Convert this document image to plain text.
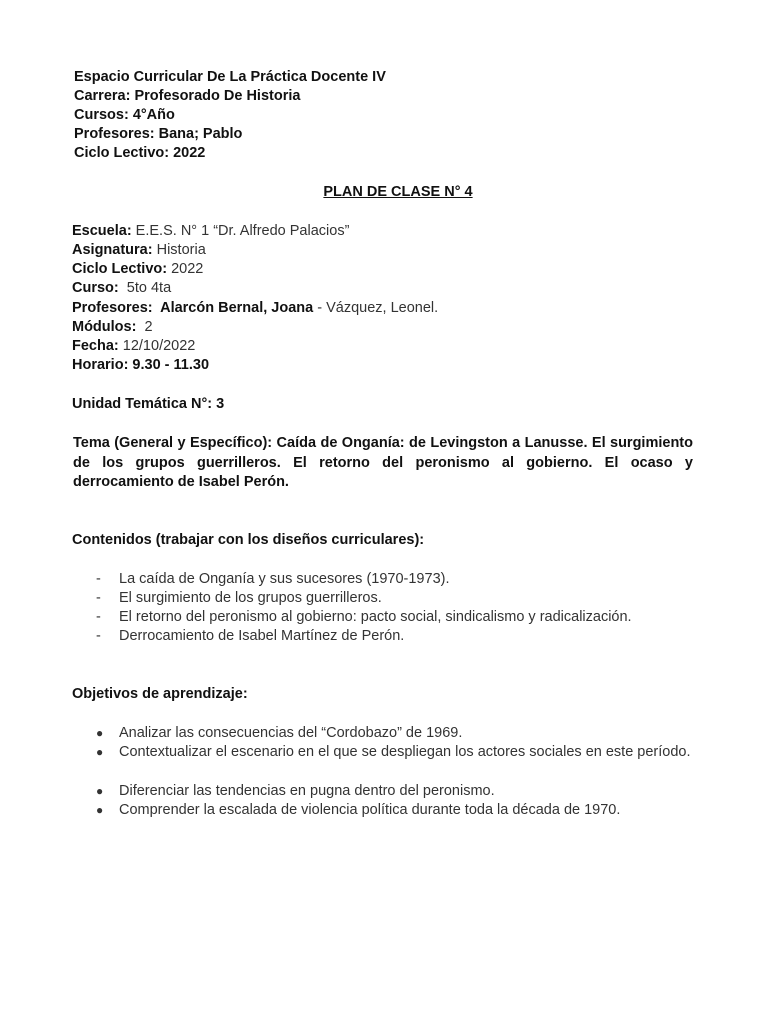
Espacio Curricular De La Práctica Docente IV
Carrera: Profesorado De Historia
Cursos: 4°Año
Profesores: Bana; Pablo
Ciclo Lectivo: 2022
PLAN DE CLASE N° 4
Escuela: E.E.S. N° 1 “Dr. Alfredo Palacios”
Asignatura: Historia
Ciclo Lectivo: 2022
Curso:  5to 4ta
Profesores:  Alarcón Bernal, Joana - Vázquez, Leonel.
Módulos:  2
Fecha: 12/10/2022
Horario: 9.30 - 11.30
Unidad Temática N°: 3
Tema (General y Específico): Caída de Onganía: de Levingston a Lanusse. El surgimiento de los grupos guerrilleros. El retorno del peronismo al gobierno. El ocaso y derrocamiento de Isabel Perón.
Contenidos (trabajar con los diseños curriculares):
-	La caída de Onganía y sus sucesores (1970-1973).
-	El surgimiento de los grupos guerrilleros.
-	El retorno del peronismo al gobierno: pacto social, sindicalismo y radicalización.
-	Derrocamiento de Isabel Martínez de Perón.
Objetivos de aprendizaje:
●	Analizar las consecuencias del “Cordobazo” de 1969.
●	Contextualizar el escenario en el que se despliegan los actores sociales en este período.
●	Diferenciar las tendencias en pugna dentro del peronismo.
●	Comprender la escalada de violencia política durante toda la década de 1970.
